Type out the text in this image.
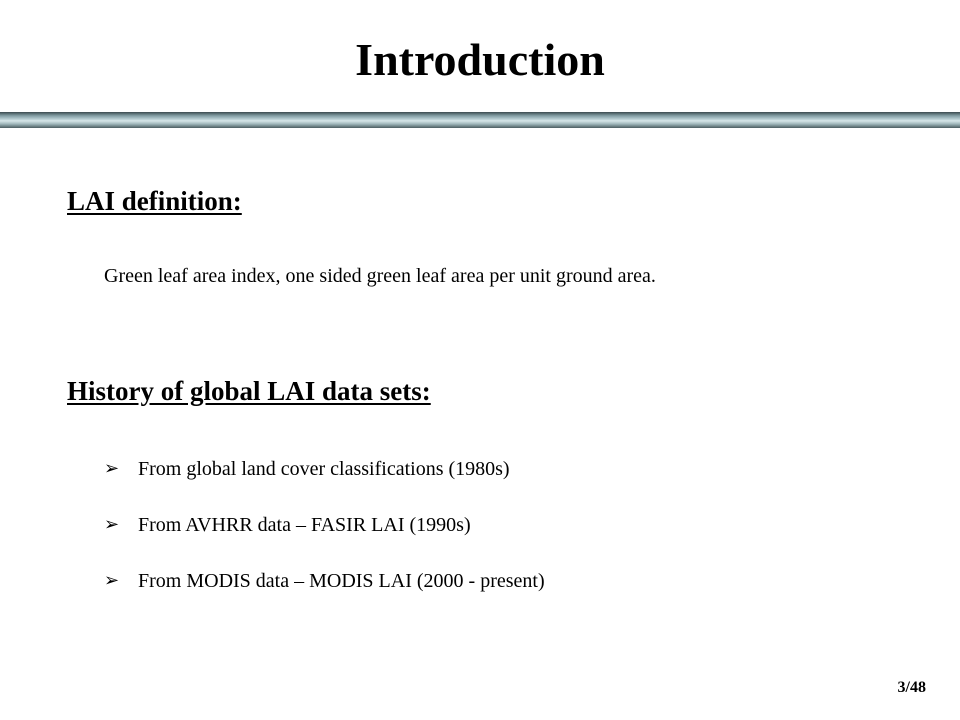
Introduction
LAI definition:
Green leaf area index, one sided green leaf area per unit ground area.
History of global LAI data sets:
➢ From global land cover classifications (1980s)
➢ From AVHRR data – FASIR LAI (1990s)
➢ From MODIS data – MODIS LAI (2000 - present)
3/48
